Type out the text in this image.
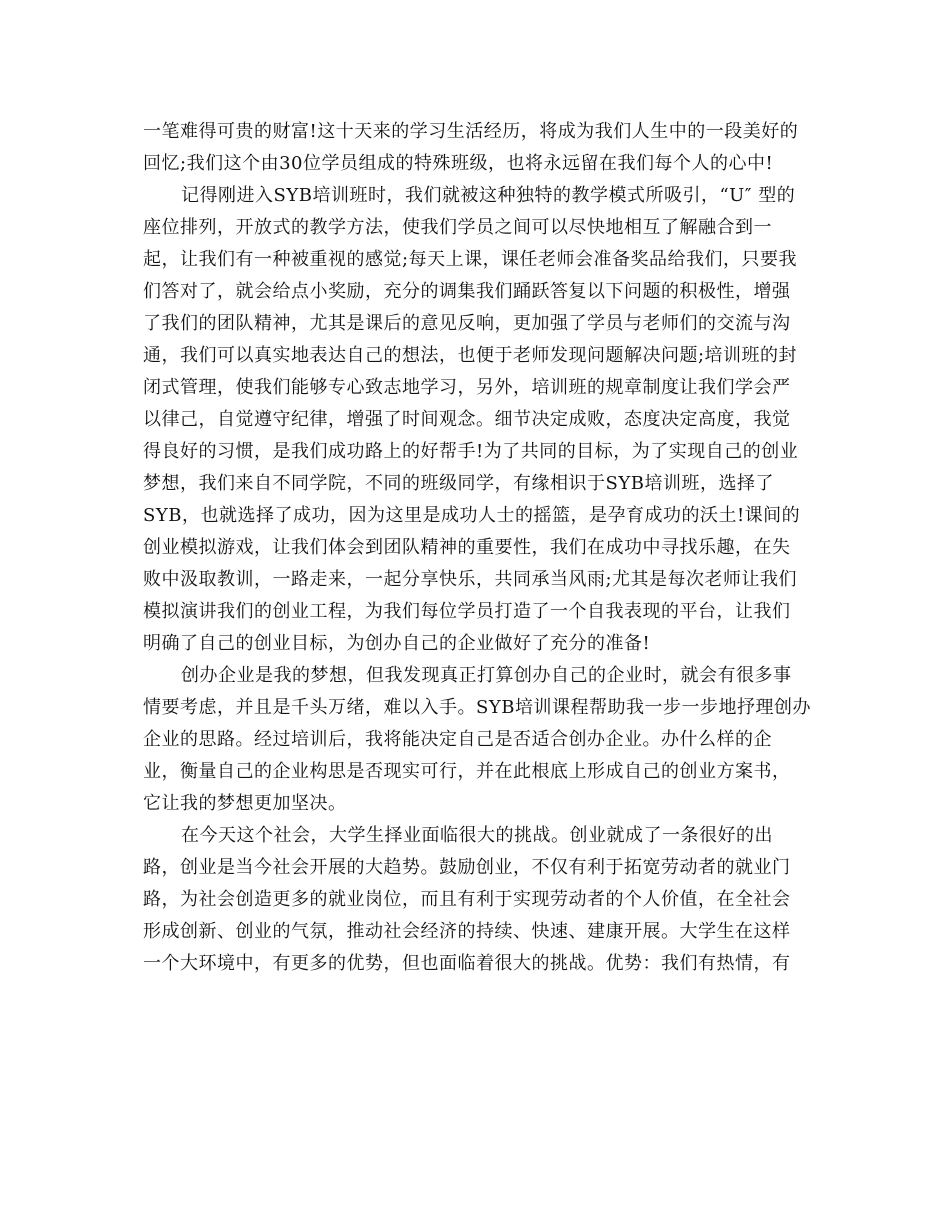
一笔难得可贵的财富!这十天来的学习生活经历，将成为我们人生中的一段美好的
回忆;我们这个由30位学员组成的特殊班级，也将永远留在我们每个人的心中!
记得刚进入SYB培训班时，我们就被这种独特的教学模式所吸引，“U″ 型的
座位排列，开放式的教学方法，使我们学员之间可以尽快地相互了解融合到一
起，让我们有一种被重视的感觉;每天上课，课任老师会准备奖品给我们，只要我
们答对了，就会给点小奖励，充分的调集我们踊跃答复以下问题的积极性，增强
了我们的团队精神，尤其是课后的意见反响，更加强了学员与老师们的交流与沟
通，我们可以真实地表达自己的想法，也便于老师发现问题解决问题;培训班的封
闭式管理，使我们能够专心致志地学习，另外，培训班的规章制度让我们学会严
以律己，自觉遵守纪律，增强了时间观念。细节决定成败，态度决定高度，我觉
得良好的习惯，是我们成功路上的好帮手!为了共同的目标，为了实现自己的创业
梦想，我们来自不同学院，不同的班级同学，有缘相识于SYB培训班，选择了
SYB，也就选择了成功，因为这里是成功人士的摇篮，是孕育成功的沃土!课间的
创业模拟游戏，让我们体会到团队精神的重要性，我们在成功中寻找乐趣，在失
败中汲取教训，一路走来，一起分享快乐，共同承当风雨;尤其是每次老师让我们
模拟演讲我们的创业工程，为我们每位学员打造了一个自我表现的平台，让我们
明确了自己的创业目标，为创办自己的企业做好了充分的准备!
创办企业是我的梦想，但我发现真正打算创办自己的企业时，就会有很多事
情要考虑，并且是千头万绪，难以入手。SYB培训课程帮助我一步一步地抒理创办
企业的思路。经过培训后，我将能决定自己是否适合创办企业。办什么样的企
业，衡量自己的企业构思是否现实可行，并在此根底上形成自己的创业方案书，
它让我的梦想更加坚决。
在今天这个社会，大学生择业面临很大的挑战。创业就成了一条很好的出
路，创业是当今社会开展的大趋势。鼓励创业，不仅有利于拓宽劳动者的就业门
路，为社会创造更多的就业岗位，而且有利于实现劳动者的个人价值，在全社会
形成创新、创业的气氛，推动社会经济的持续、快速、建康开展。大学生在这样
一个大环境中，有更多的优势，但也面临着很大的挑战。优势：我们有热情，有
